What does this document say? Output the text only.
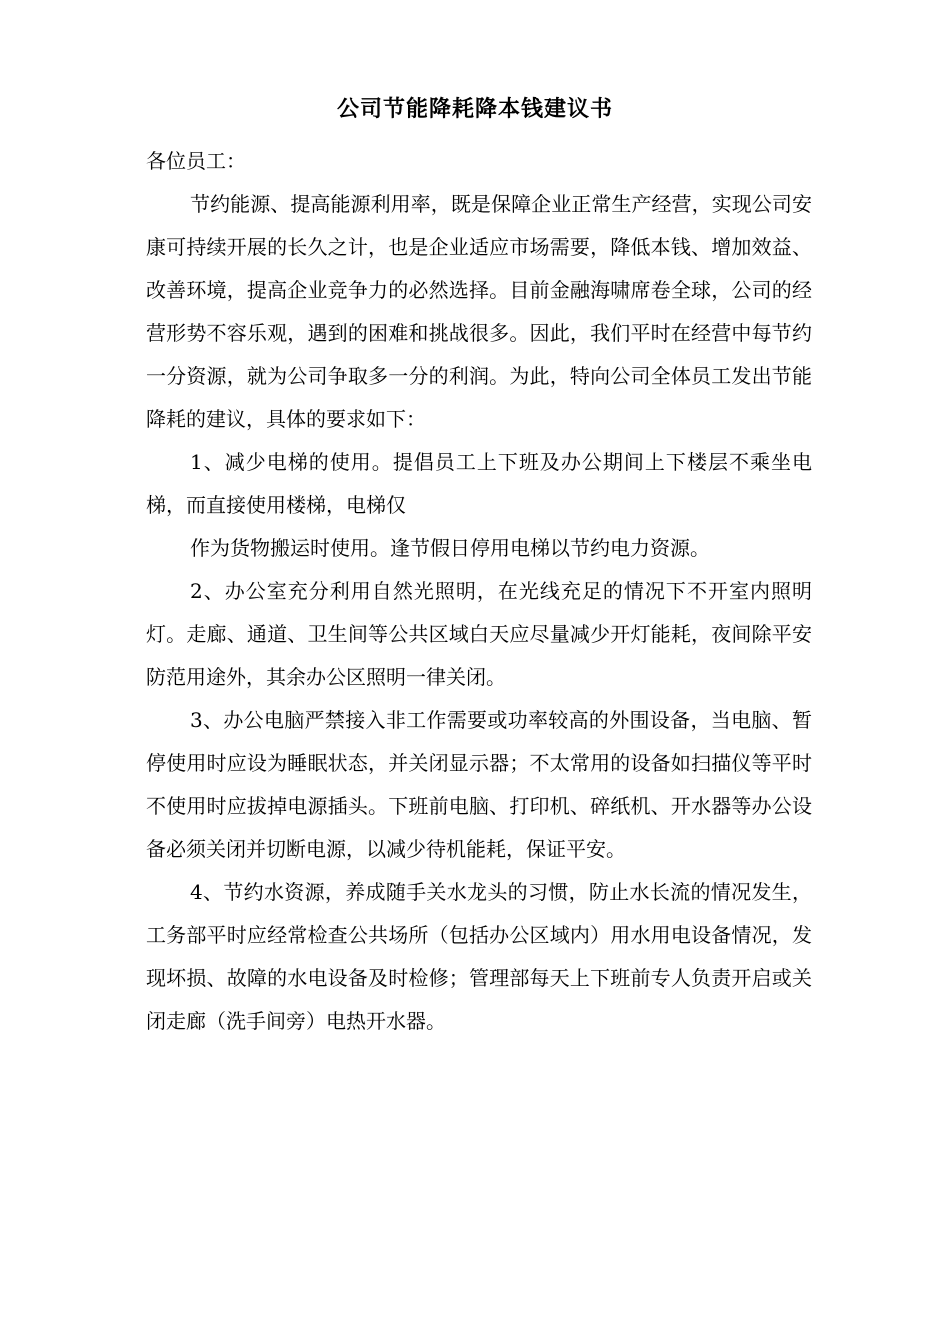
公司节能降耗降本钱建议书
各位员工：

节约能源、提高能源利用率，既是保障企业正常生产经营，实现公司安康可持续开展的长久之计，也是企业适应市场需要，降低本钱、增加效益、改善环境，提高企业竞争力的必然选择。目前金融海啸席卷全球，公司的经营形势不容乐观，遇到的困难和挑战很多。因此，我们平时在经营中每节约一分资源，就为公司争取多一分的利润。为此，特向公司全体员工发出节能降耗的建议，具体的要求如下：

1、减少电梯的使用。提倡员工上下班及办公期间上下楼层不乘坐电梯，而直接使用楼梯，电梯仅

作为货物搬运时使用。逢节假日停用电梯以节约电力资源。

2、办公室充分利用自然光照明，在光线充足的情况下不开室内照明灯。走廊、通道、卫生间等公共区域白天应尽量减少开灯能耗，夜间除平安防范用途外，其余办公区照明一律关闭。

3、办公电脑严禁接入非工作需要或功率较高的外围设备，当电脑、暂停使用时应设为睡眠状态，并关闭显示器；不太常用的设备如扫描仪等平时不使用时应拔掉电源插头。下班前电脑、打印机、碎纸机、开水器等办公设备必须关闭并切断电源，以减少待机能耗，保证平安。

4、节约水资源，养成随手关水龙头的习惯，防止水长流的情况发生，工务部平时应经常检查公共场所（包括办公区域内）用水用电设备情况，发现坏损、故障的水电设备及时检修；管理部每天上下班前专人负责开启或关闭走廊（洗手间旁）电热开水器。
